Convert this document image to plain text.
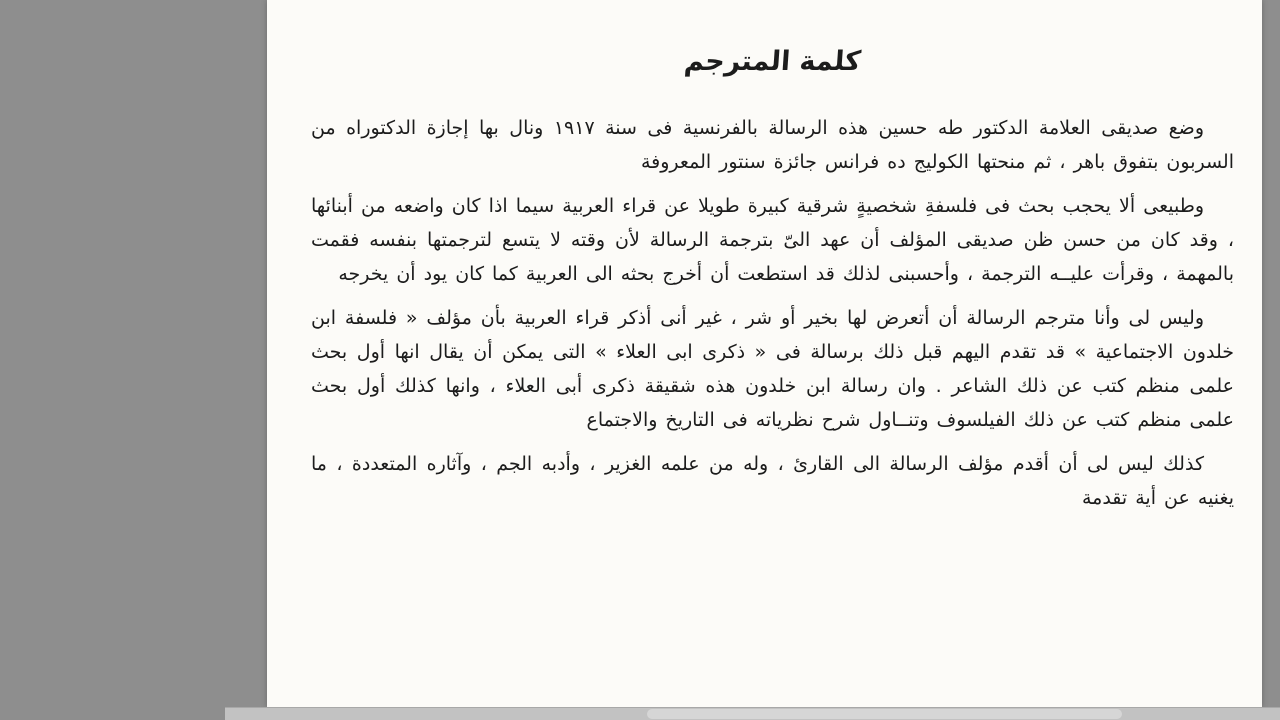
كلمة المترجم

وضع صديقى العلامة الدكتور طه حسين هذه الرسالة بالفرنسية فى سنة ١٩١٧ ونال بها إجازة الدكتوراه من السربون بتفوق باهر ، ثم منحتها الكوليج ده فرانس جائزة سنتور المعروفة

وطبيعى ألا يحجب بحث فى فلسفةِ شخصيةٍ شرقية كبيرة طويلا عن قراء العربية سيما اذا كان واضعه من أبنائها ، وقد كان من حسن ظن صديقى المؤلف أن عهد الىّ بترجمة الرسالة لأن وقته لا يتسع لترجمتها بنفسه فقمت بالمهمة ، وقرأت عليــه الترجمة ، وأحسبنى لذلك قد استطعت أن أخرج بحثه الى العربية كما كان يود أن يخرجه

وليس لى وأنا مترجم الرسالة أن أتعرض لها بخير أو شر ، غير أنى أذكر قراء العربية بأن مؤلف « فلسفة ابن خلدون الاجتماعية » قد تقدم اليهم قبل ذلك برسالة فى « ذكرى ابى العلاء » التى يمكن أن يقال انها أول بحث علمى منظم كتب عن ذلك الشاعر . وان رسالة ابن خلدون هذه شقيقة ذكرى أبى العلاء ، وانها كذلك أول بحث علمى منظم كتب عن ذلك الفيلسوف وتنــاول شرح نظرياته فى التاريخ والاجتماع

كذلك ليس لى أن أقدم مؤلف الرسالة الى القارئ ، وله من علمه الغزير ، وأدبه الجم ، وآثاره المتعددة ، ما يغنيه عن أية تقدمة
